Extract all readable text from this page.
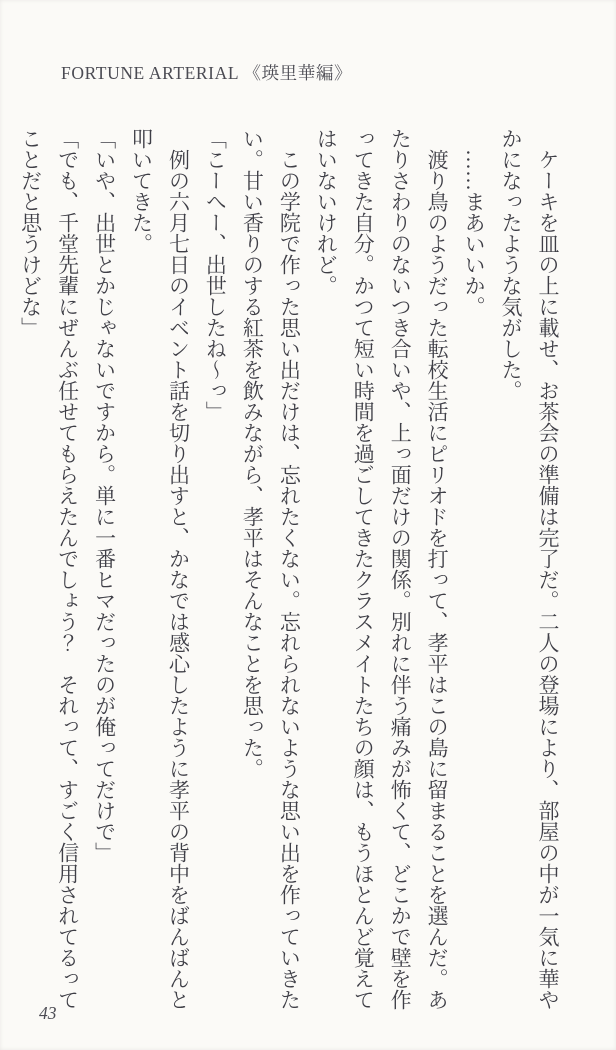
FORTUNE ARTERIAL 《瑛里華編》

　ケーキを皿の上に載せ、お茶会の準備は完了だ。二人の登場により、部屋の中が一気に華やかになったような気がした。

　……まあいいか。

　渡り鳥のようだった転校生活にピリオドを打って、孝平はこの島に留まることを選んだ。あたりさわりのないつき合いや、上っ面だけの関係。別れに伴う痛みが怖くて、どこかで壁を作ってきた自分。かつて短い時間を過ごしてきたクラスメイトたちの顔は、もうほとんど覚えてはいないけれど。

　この学院で作った思い出だけは、忘れたくない。忘れられないような思い出を作っていきたい。甘い香りのする紅茶を飲みながら、孝平はそんなことを思った。

「こーへー、出世したね～っ」

　例の六月七日のイベント話を切り出すと、かなでは感心したように孝平の背中をばんばんと叩いてきた。

「いや、出世とかじゃないですから。単に一番ヒマだったのが俺ってだけで」

「でも、千堂先輩にぜんぶ任せてもらえたんでしょう？　それって、すごく信用されてるってことだと思うけどな」

43
